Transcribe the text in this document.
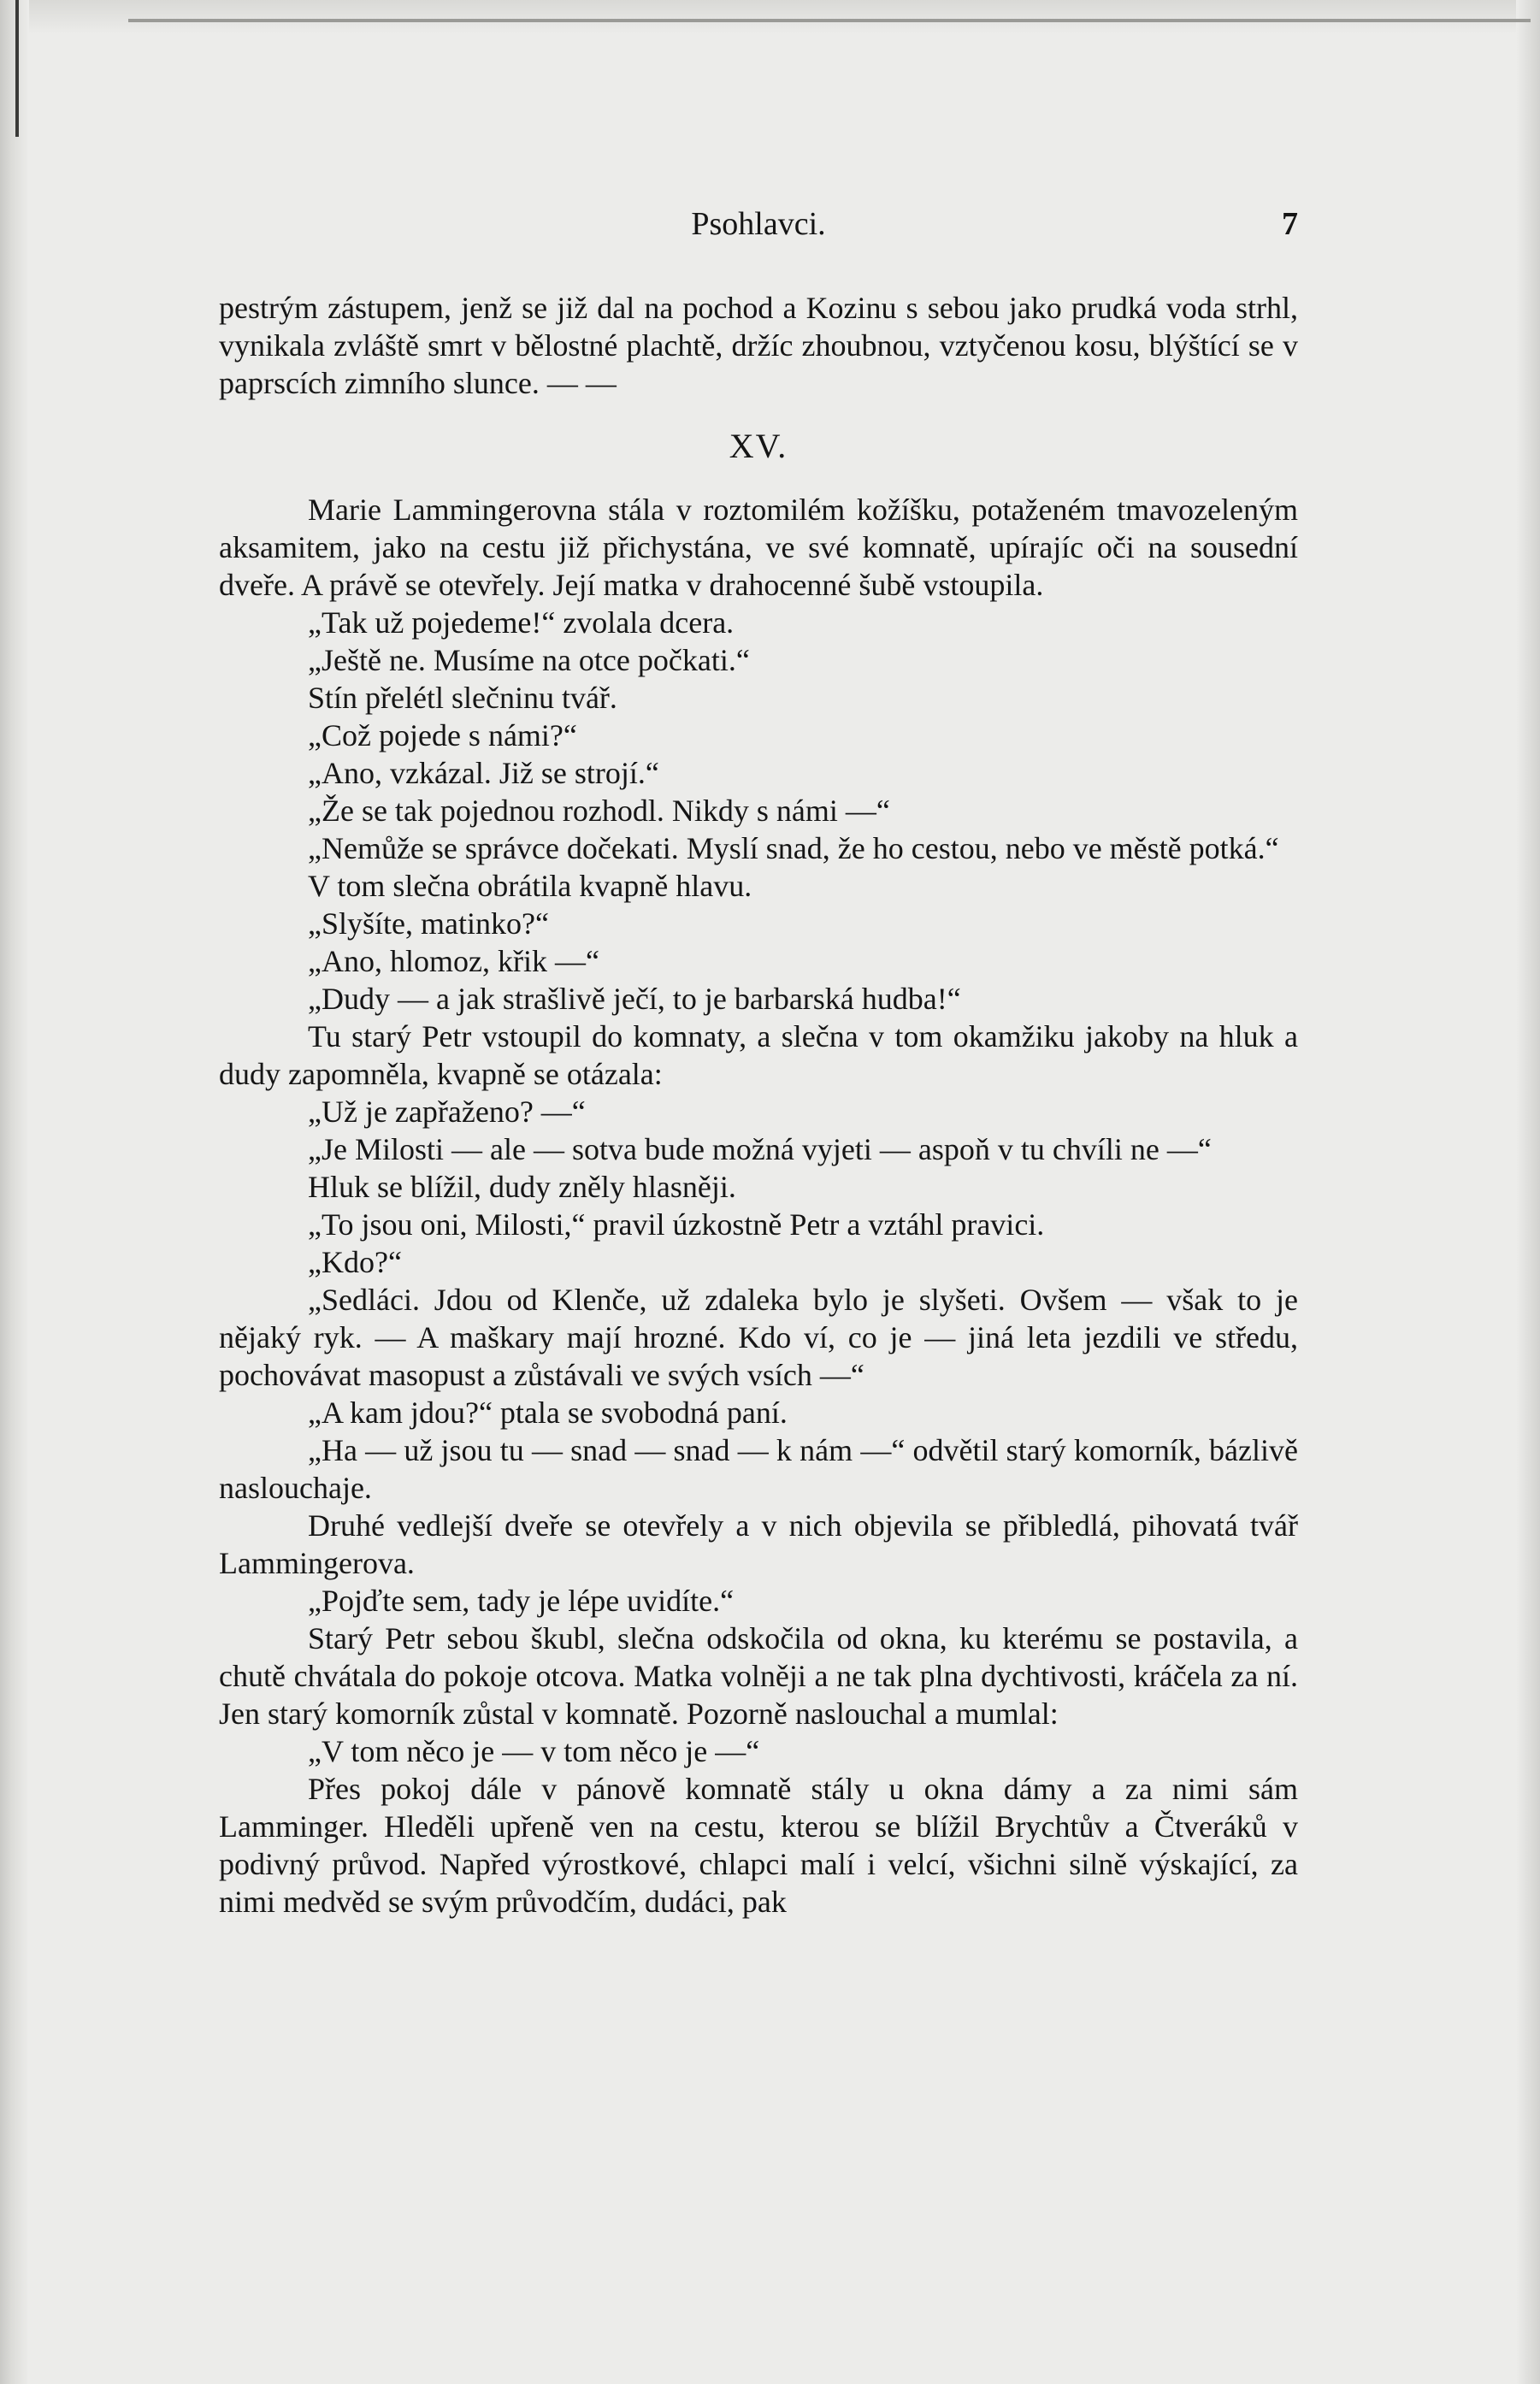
Psohlavci.	7

pestrým zástupem, jenž se již dal na pochod a Kozinu s sebou jako prudká voda strhl, vynikala zvláště smrt v bělostné plachtě, držíc zhoubnou, vztyčenou kosu, blýštící se v paprscích zimního slunce. — —

XV.

Marie Lammingerovna stála v roztomilém kožíšku, potaženém tmavozeleným aksamitem, jako na cestu již přichystána, ve své komnatě, upírajíc oči na sousední dveře. A právě se otevřely. Její matka v drahocenné šubě vstoupila.

„Tak už pojedeme!“ zvolala dcera.

„Ještě ne. Musíme na otce počkati.“

Stín přelétl slečninu tvář.

„Což pojede s námi?“

„Ano, vzkázal. Již se strojí.“

„Že se tak pojednou rozhodl. Nikdy s námi —“

„Nemůže se správce dočekati. Myslí snad, že ho cestou, nebo ve městě potká.“

V tom slečna obrátila kvapně hlavu.

„Slyšíte, matinko?“

„Ano, hlomoz, křik —“

„Dudy — a jak strašlivě ječí, to je barbarská hudba!“

Tu starý Petr vstoupil do komnaty, a slečna v tom okamžiku jakoby na hluk a dudy zapomněla, kvapně se otázala:

„Už je zapřaženo? —“

„Je Milosti — ale — sotva bude možná vyjeti — aspoň v tu chvíli ne —“

Hluk se blížil, dudy zněly hlasněji.

„To jsou oni, Milosti,“ pravil úzkostně Petr a vztáhl pravici.

„Kdo?“

„Sedláci. Jdou od Klenče, už zdaleka bylo je slyšeti. Ovšem — však to je nějaký ryk. — A maškary mají hrozné. Kdo ví, co je — jiná leta jezdili ve středu, pochovávat masopust a zůstávali ve svých vsích —“

„A kam jdou?“ ptala se svobodná paní.

„Ha — už jsou tu — snad — snad — k nám —“ odvětil starý komorník, bázlivě naslouchaje.

Druhé vedlejší dveře se otevřely a v nich objevila se přibledlá, pihovatá tvář Lammingerova.

„Pojďte sem, tady je lépe uvidíte.“

Starý Petr sebou škubl, slečna odskočila od okna, ku kterému se postavila, a chutě chvátala do pokoje otcova. Matka volněji a ne tak plna dychtivosti, kráčela za ní. Jen starý komorník zůstal v komnatě. Pozorně naslouchal a mumlal:

„V tom něco je — v tom něco je —“

Přes pokoj dále v pánově komnatě stály u okna dámy a za nimi sám Lamminger. Hleděli upřeně ven na cestu, kterou se blížil Brychtův a Čtveráků v podivný průvod. Napřed výrostkové, chlapci malí i velcí, všichni silně výskající, za nimi medvěd se svým průvodčím, dudáci, pak
